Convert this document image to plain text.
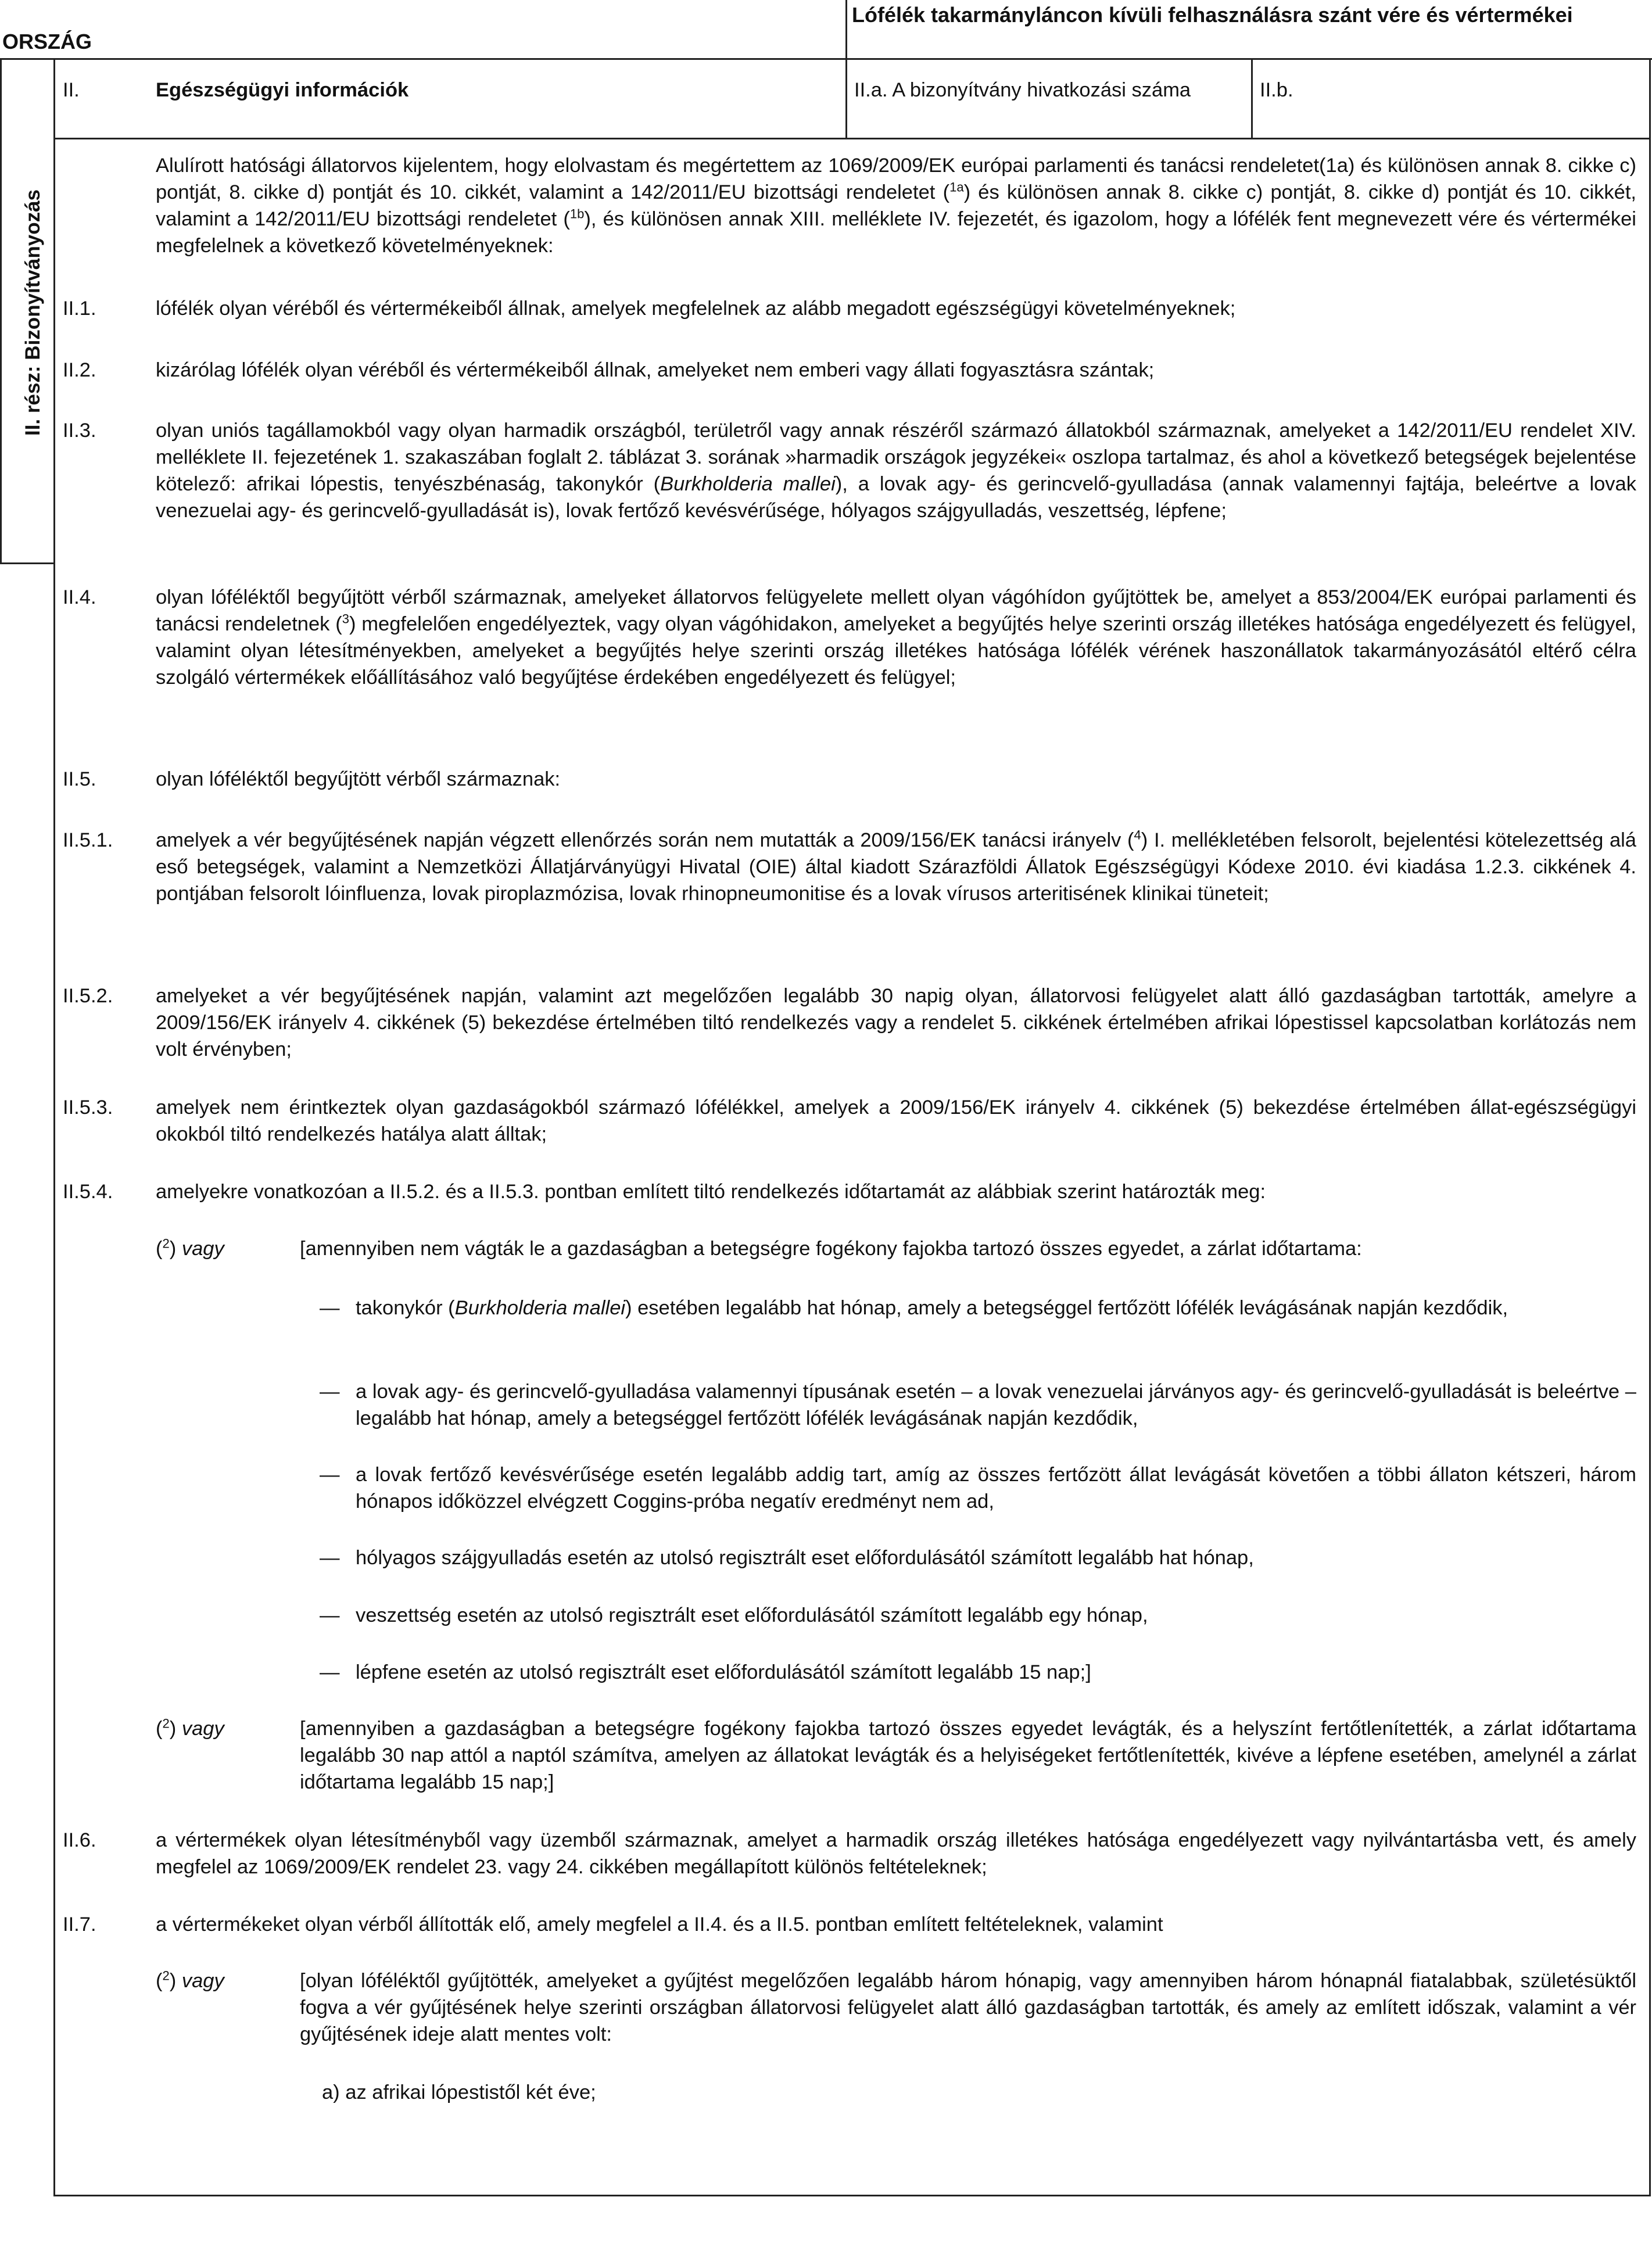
ORSZÁG
Lófélék takarmányláncon kívüli felhasználásra szánt vére és vértermékei
II.	Egészségügyi információk	II.a. A bizonyítvány hivatkozási száma	II.b.
II. rész: Bizonyítványozás
Alulírott hatósági állatorvos kijelentem, hogy elolvastam és megértettem az 1069/2009/EK európai parlamenti és tanácsi rendeletet(1a) és különösen annak 8. cikke c) pontját, 8. cikke d) pontját és 10. cikkét, valamint a 142/2011/EU bizottsági rendeletet ($^{1a}$) és különösen annak 8. cikke c) pontját, 8. cikke d) pontját és 10. cikkét, valamint a 142/2011/EU bizottsági rendeletet ($^{1b}$), és különösen annak XIII. melléklete IV. fejezetét, és igazolom, hogy a lófélék fent megnevezett vére és vértermékei megfelelnek a következő követelményeknek:
II.1.	lófélék olyan véréből és vértermékeiből állnak, amelyek megfelelnek az alább megadott egészségügyi követelményeknek;
II.2.	kizárólag lófélék olyan véréből és vértermékeiből állnak, amelyeket nem emberi vagy állati fogyasztásra szántak;
II.3.	olyan uniós tagállamokból vagy olyan harmadik országból, területről vagy annak részéről származó állatokból származnak, amelyeket a 142/2011/EU rendelet XIV. melléklete II. fejezetének 1. szakaszában foglalt 2. táblázat 3. sorának »harmadik országok jegyzékei« oszlopa tartalmaz, és ahol a következő betegségek bejelentése kötelező: afrikai lópestis, tenyészbénaság, takonykór (Burkholderia mallei), a lovak agy- és gerincvelő-gyulladása (annak valamennyi fajtája, beleértve a lovak venezuelai agy- és gerincvelő-gyulladását is), lovak fertőző kevésvérűsége, hólyagos szájgyulladás, veszettség, lépfene;
II.4.	olyan lóféléktől begyűjtött vérből származnak, amelyeket állatorvos felügyelete mellett olyan vágóhídon gyűjtöttek be, amelyet a 853/2004/EK európai parlamenti és tanácsi rendeletnek ($^3$) megfelelően engedélyeztek, vagy olyan vágóhidakon, amelyeket a begyűjtés helye szerinti ország illetékes hatósága engedélyezett és felügyel, valamint olyan létesítményekben, amelyeket a begyűjtés helye szerinti ország illetékes hatósága lófélék vérének haszonállatok takarmányozásától eltérő célra szolgáló vértermékek előállításához való begyűjtése érdekében engedélyezett és felügyel;
II.5.	olyan lóféléktől begyűjtött vérből származnak:
II.5.1. amelyek a vér begyűjtésének napján végzett ellenőrzés során nem mutatták a 2009/156/EK tanácsi irányelv ($^4$) I. mellékletében felsorolt, bejelentési kötelezettség alá eső betegségek, valamint a Nemzetközi Állatjárványügyi Hivatal (OIE) által kiadott Szárazföldi Állatok Egészségügyi Kódexe 2010. évi kiadása 1.2.3. cikkének 4. pontjában felsorolt lóinfluenza, lovak piroplazmózisa, lovak rhinopneumonitise és a lovak vírusos arteritisének klinikai tüneteit;
II.5.2. amelyeket a vér begyűjtésének napján, valamint azt megelőzően legalább 30 napig olyan, állatorvosi felügyelet alatt álló gazdaságban tartották, amelyre a 2009/156/EK irányelv 4. cikkének (5) bekezdése értelmében tiltó rendelkezés vagy a rendelet 5. cikkének értelmében afrikai lópestissel kapcsolatban korlátozás nem volt érvényben;
II.5.3. amelyek nem érintkeztek olyan gazdaságokból származó lófélékkel, amelyek a 2009/156/EK irányelv 4. cikkének (5) bekezdése értelmében állat-egészségügyi okokból tiltó rendelkezés hatálya alatt álltak;
II.5.4. amelyekre vonatkozóan a II.5.2. és a II.5.3. pontban említett tiltó rendelkezés időtartamát az alábbiak szerint határozták meg:
($^2$) vagy	[amennyiben nem vágták le a gazdaságban a betegségre fogékony fajokba tartozó összes egyedet, a zárlat időtartama:
— takonykór (Burkholderia mallei) esetében legalább hat hónap, amely a betegséggel fertőzött lófélék levágásának napján kezdődik,
— a lovak agy- és gerincvelő-gyulladása valamennyi típusának esetén – a lovak venezuelai járványos agy- és gerincvelő-gyulladását is beleértve – legalább hat hónap, amely a betegséggel fertőzött lófélék levágásának napján kezdődik,
— a lovak fertőző kevésvérűsége esetén legalább addig tart, amíg az összes fertőzött állat levágását követően a többi állaton kétszeri, három hónapos időközzel elvégzett Coggins-próba negatív eredményt nem ad,
— hólyagos szájgyulladás esetén az utolsó regisztrált eset előfordulásától számított legalább hat hónap,
— veszettség esetén az utolsó regisztrált eset előfordulásától számított legalább egy hónap,
— lépfene esetén az utolsó regisztrált eset előfordulásától számított legalább 15 nap;]
($^2$) vagy	[amennyiben a gazdaságban a betegségre fogékony fajokba tartozó összes egyedet levágták, és a helyszínt fertőtlenítették, a zárlat időtartama legalább 30 nap attól a naptól számítva, amelyen az állatokat levágták és a helyiségeket fertőtlenítették, kivéve a lépfene esetében, amelynél a zárlat időtartama legalább 15 nap;]
II.6.	a vértermékek olyan létesítményből vagy üzemből származnak, amelyet a harmadik ország illetékes hatósága engedélyezett vagy nyilvántartásba vett, és amely megfelel az 1069/2009/EK rendelet 23. vagy 24. cikkében megállapított különös feltételeknek;
II.7.	a vértermékeket olyan vérből állították elő, amely megfelel a II.4. és a II.5. pontban említett feltételeknek, valamint
($^2$) vagy	[olyan lóféléktől gyűjtötték, amelyeket a gyűjtést megelőzően legalább három hónapig, vagy amennyiben három hónapnál fiatalabbak, születésüktől fogva a vér gyűjtésének helye szerinti országban állatorvosi felügyelet alatt álló gazdaságban tartották, és amely az említett időszak, valamint a vér gyűjtésének ideje alatt mentes volt:
a) az afrikai lópestistől két éve;
